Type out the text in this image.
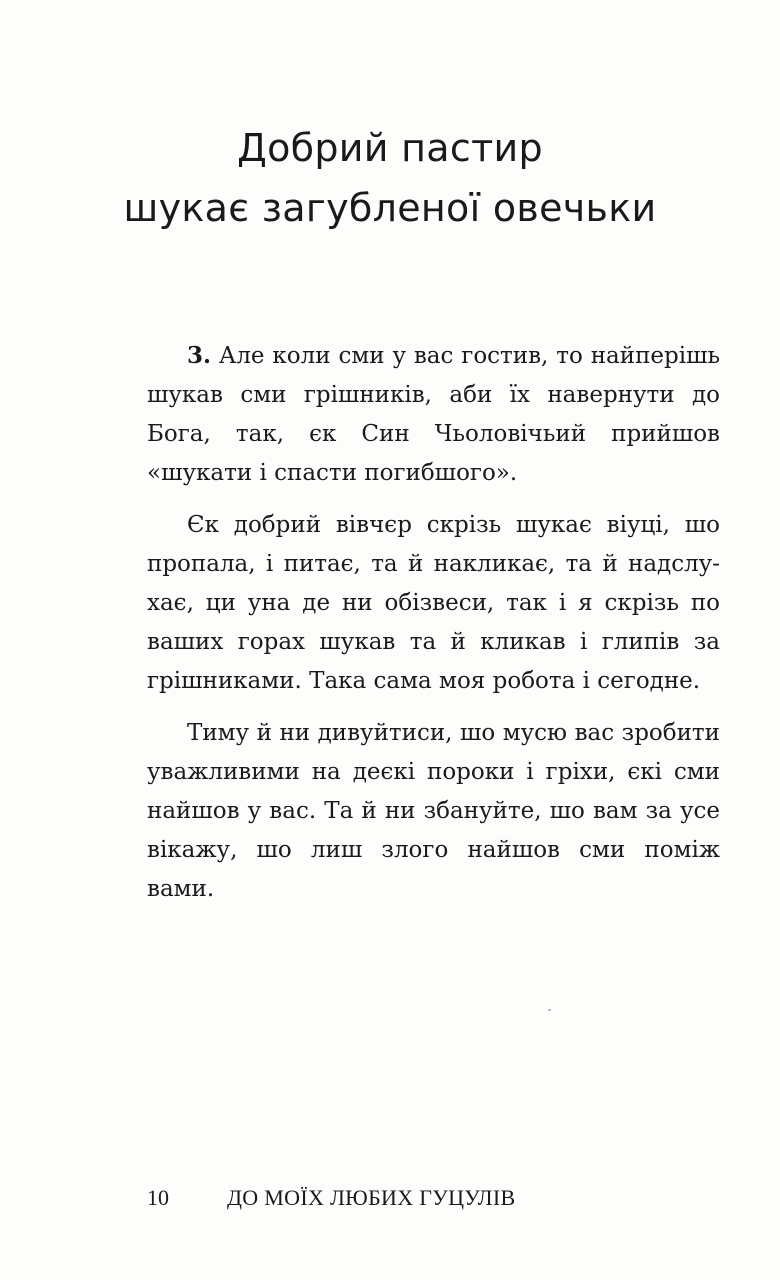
Добрий пастир
шукає загубленої овечьки

3. Але коли сми у вас гостив, то найперішь шукав сми грішників, аби їх навернути до Бога, так, єк Син Чьоловічьий прийшов «шукати і спасти погибшого».

Єк добрий вівчєр скрізь шукає віуці, шо пропала, і питає, та й накликає, та й надслухає, ци уна де ни обізвеси, так і я скрізь по ваших горах шукав та й кликав і глипів за грішниками. Така сама моя робота і сегодне.

Тиму й ни дивуйтиси, шо мусю вас зробити уважливими на деєкі пороки і гріхи, єкі сми найшов у вас. Та й ни збануйте, шо вам за усе вікажу, шо лиш злого найшов сми поміж вами.

10	ДО МОЇХ ЛЮБИХ ГУЦУЛІВ
